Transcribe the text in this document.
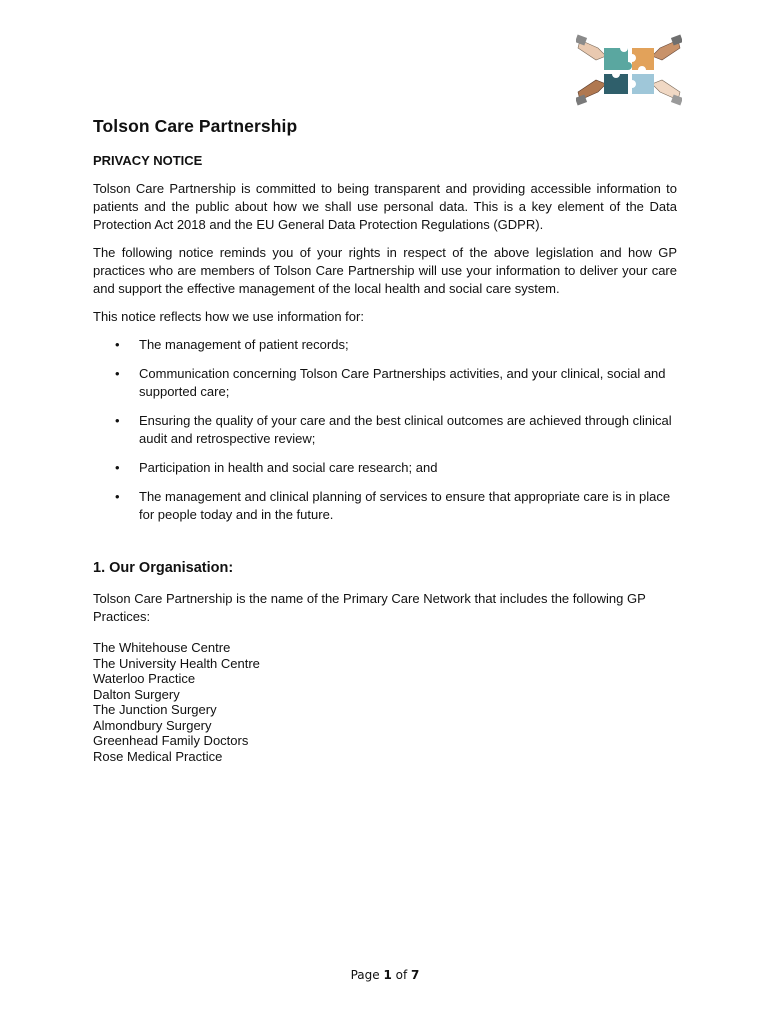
Tolson Care Partnership
PRIVACY NOTICE

Tolson Care Partnership is committed to being transparent and providing accessible information to patients and the public about how we shall use personal data. This is a key element of the Data Protection Act 2018 and the EU General Data Protection Regulations (GDPR).

The following notice reminds you of your rights in respect of the above legislation and how GP practices who are members of Tolson Care Partnership will use your information to deliver your care and support the effective management of the local health and social care system.

This notice reflects how we use information for:

• The management of patient records;
• Communication concerning Tolson Care Partnerships activities, and your clinical, social and supported care;
• Ensuring the quality of your care and the best clinical outcomes are achieved through clinical audit and retrospective review;
• Participation in health and social care research; and
• The management and clinical planning of services to ensure that appropriate care is in place for people today and in the future.
1. Our Organisation:

Tolson Care Partnership is the name of the Primary Care Network that includes the following GP Practices:

The Whitehouse Centre
The University Health Centre
Waterloo Practice
Dalton Surgery
The Junction Surgery
Almondbury Surgery
Greenhead Family Doctors
Rose Medical Practice
Page 1 of 7
